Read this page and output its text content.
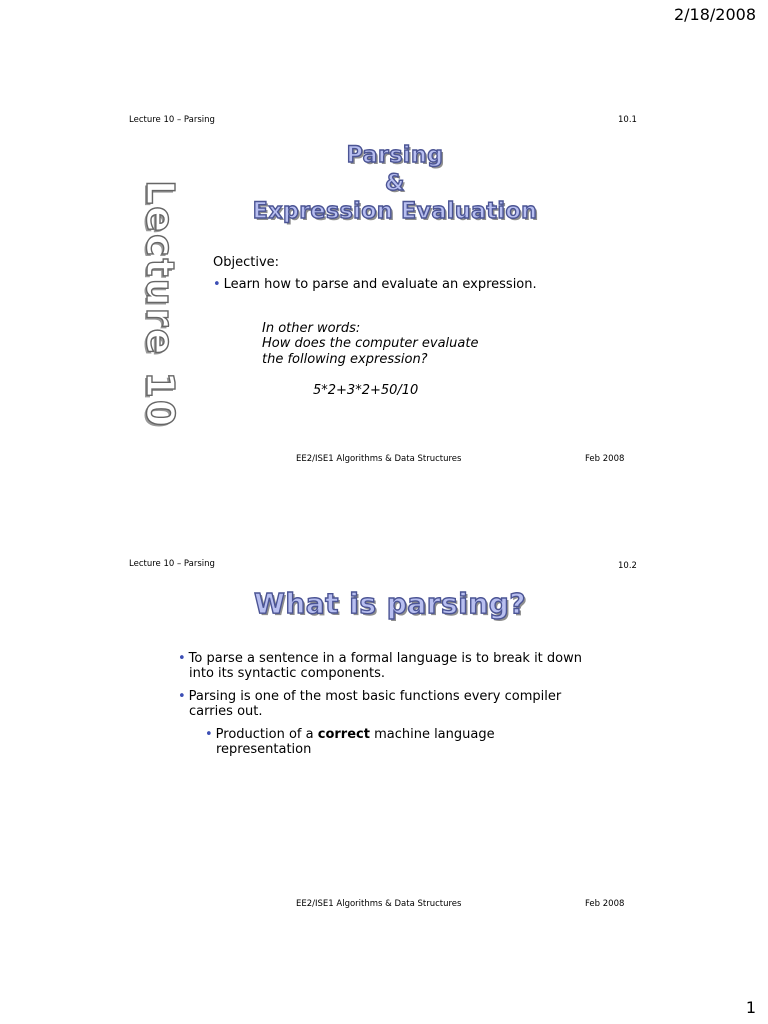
2/18/2008
1
Lecture 10 – Parsing	10.1
Parsing
&
Expression Evaluation
Lecture 10 Objective:
• Learn how to parse and evaluate an expression.
In other words:
How does the computer evaluate
the following expression?
5*2+3*2+50/10
EE2/ISE1 Algorithms & Data Structures	Feb 2008
Lecture 10 – Parsing	10.2
What is parsing?
• To parse a sentence in a formal language is to break it down
into its syntactic components.
• Parsing is one of the most basic functions every compiler
carries out.
• Production of a correct machine language
representation
EE2/ISE1 Algorithms & Data Structures	Feb 2008
